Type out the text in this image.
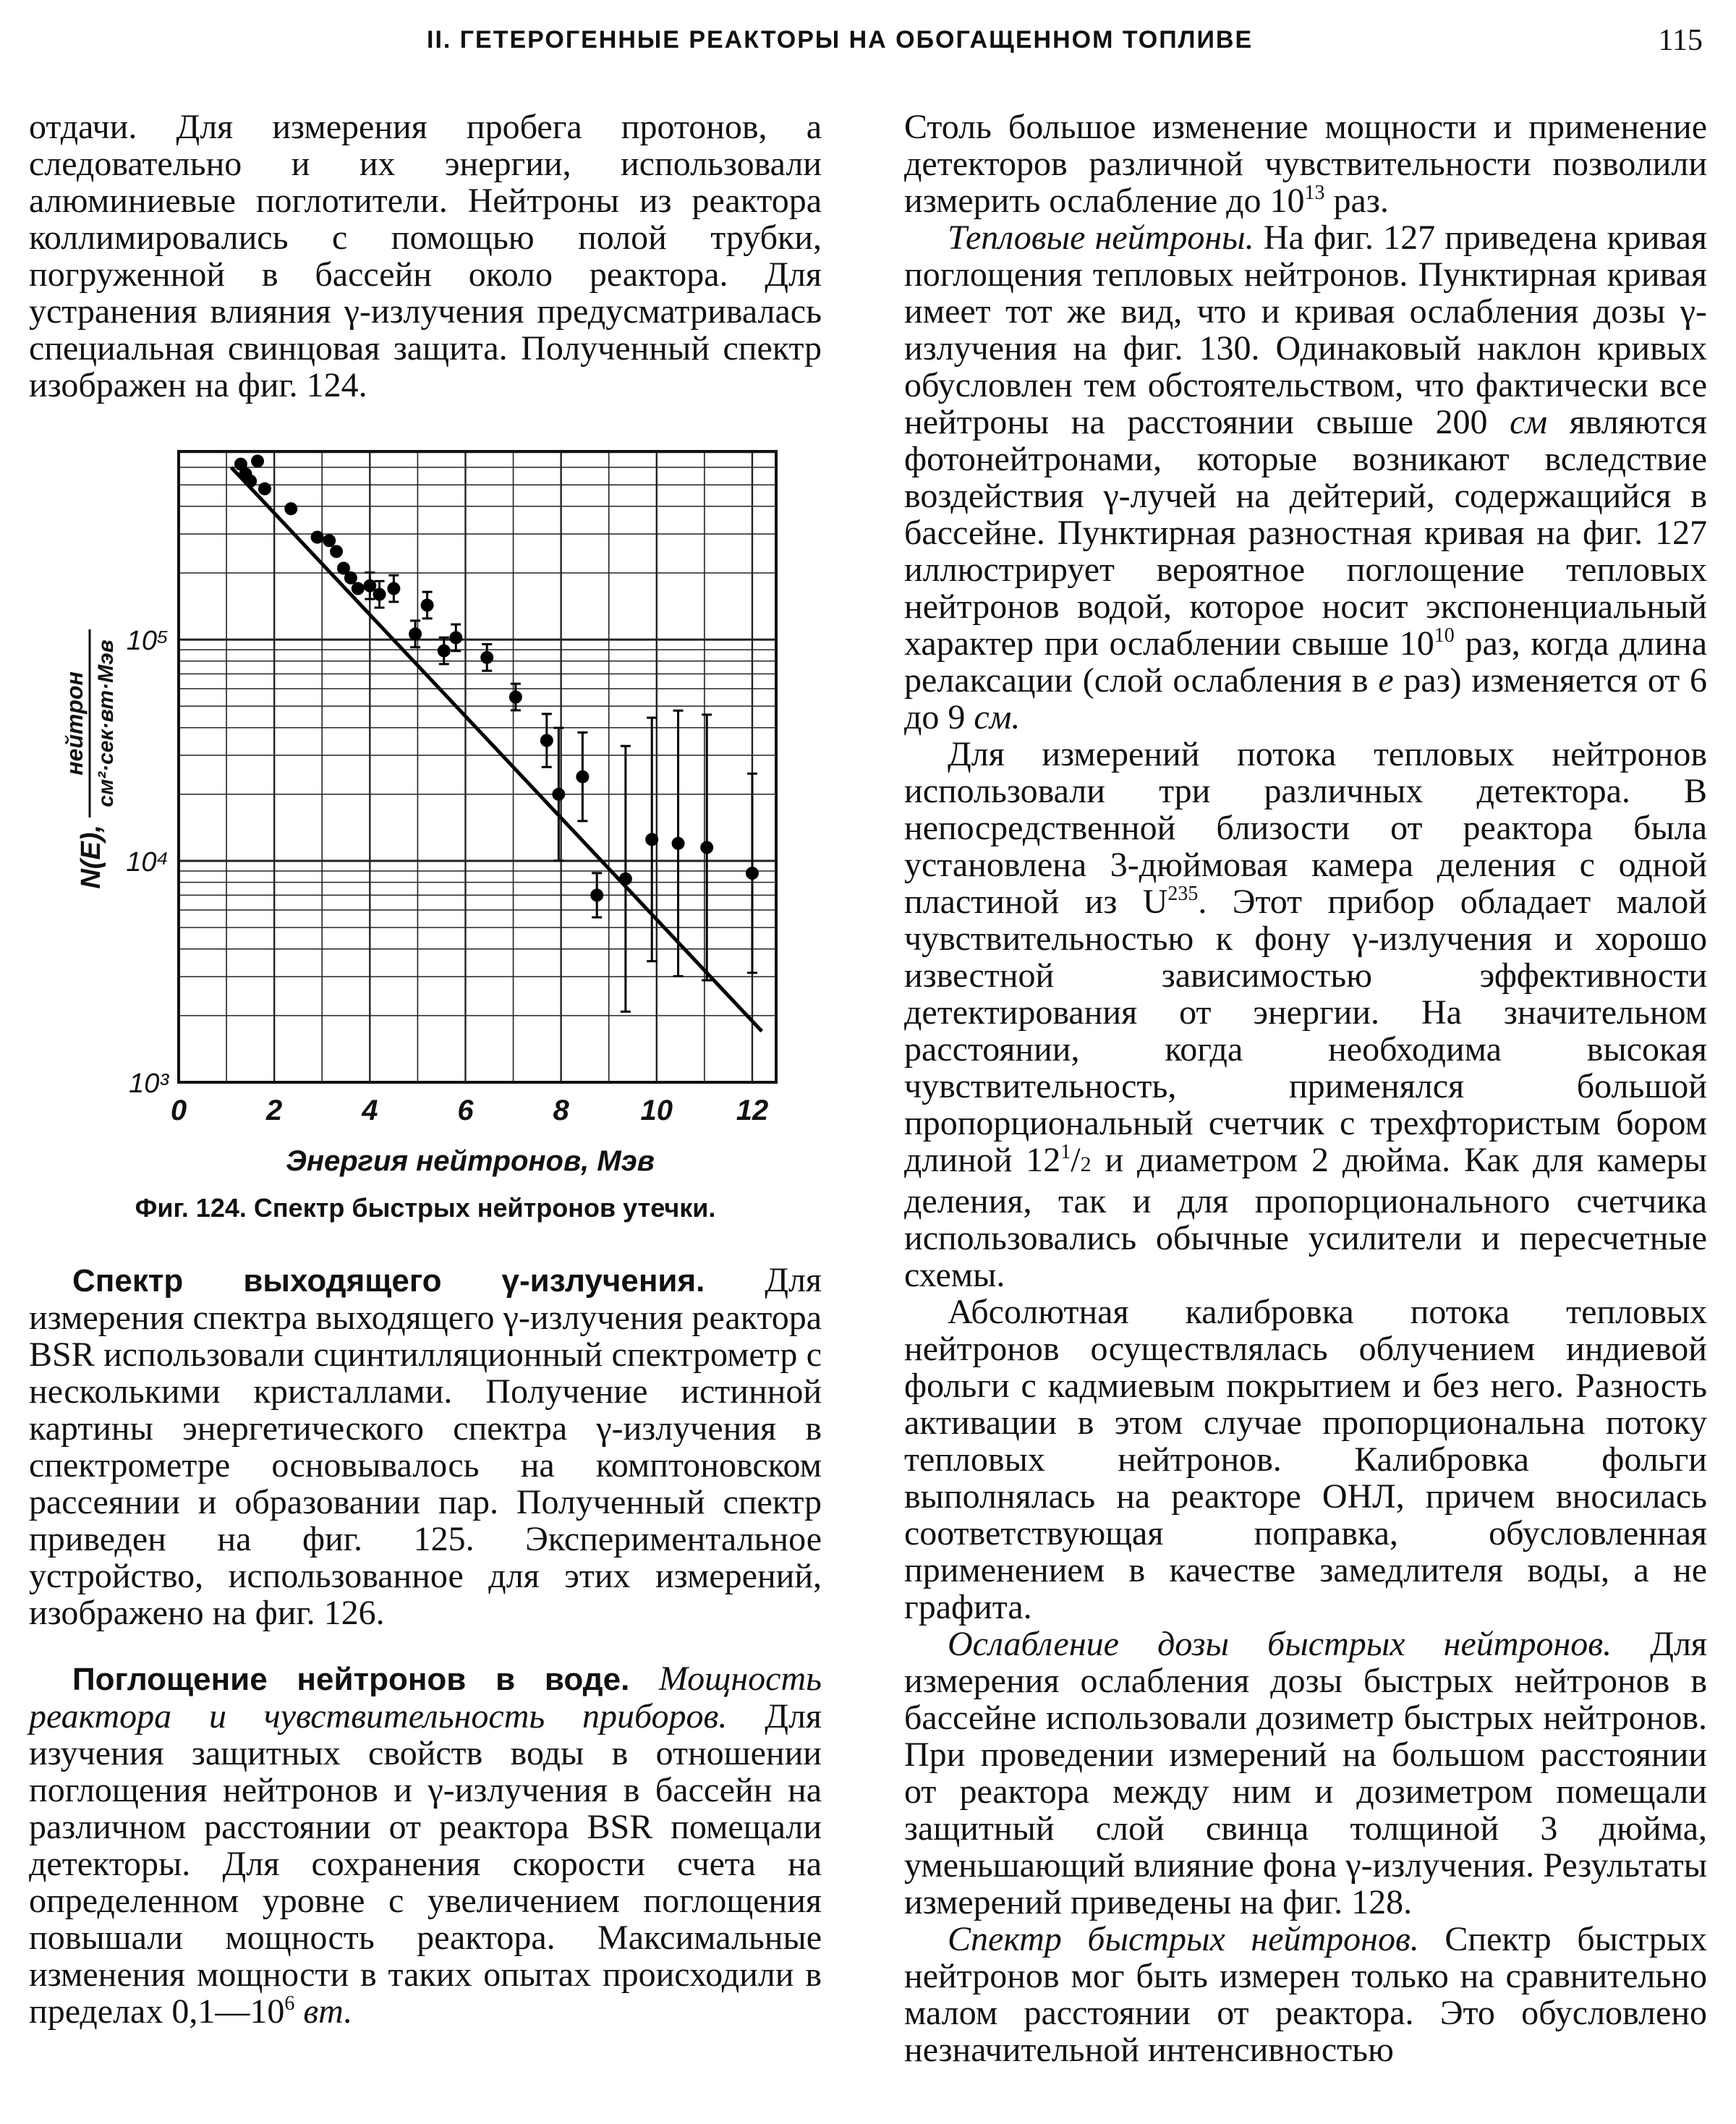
II. ГЕТЕРОГЕННЫЕ РЕАКТОРЫ НА ОБОГАЩЕННОМ ТОПЛИВЕ	115

отдачи. Для измерения пробега протонов, а следовательно и их энергии, использовали алюминиевые поглотители. Нейтроны из реактора коллимировались с помощью полой трубки, погруженной в бассейн около реактора. Для устранения влияния γ-излучения предусматривалась специальная свинцовая защита. Полученный спектр изображен на фиг. 124.

0	2	4	6	8 10 12
10³
10⁴
10⁵
Энергия нейтронов, Мэв
N(E),
нейтрон см²·сек·вт·Мэв
Фиг. 124. Спектр быстрых нейтронов утечки.

Спектр выходящего γ-излучения. Для измерения спектра выходящего γ-излучения реактора BSR использовали сцинтилляционный спектрометр с несколькими кристаллами. Получение истинной картины энергетического спектра γ-излучения в спектрометре основывалось на комптоновском рассеянии и образовании пар. Полученный спектр приведен на фиг. 125. Экспериментальное устройство, использованное для этих измерений, изображено на фиг. 126.

Поглощение нейтронов в воде. Мощность реактора и чувствительность приборов. Для изучения защитных свойств воды в отношении поглощения нейтронов и γ-излучения в бассейн на различном расстоянии от реактора BSR помещали детекторы. Для сохранения скорости счета на определенном уровне с увеличением поглощения повышали мощность реактора. Максимальные изменения мощности в таких опытах происходили в пределах $0,1—10^6$ вт.

Столь большое изменение мощности и применение детекторов различной чувствительности позволили измерить ослабление до $10^{13}$ раз.

Тепловые нейтроны. На фиг. 127 приведена кривая поглощения тепловых нейтронов. Пунктирная кривая имеет тот же вид, что и кривая ослабления дозы γ-излучения на фиг. 130. Одинаковый наклон кривых обусловлен тем обстоятельством, что фактически все нейтроны на расстоянии свыше 200 см являются фотонейтронами, которые возникают вследствие воздействия γ-лучей на дейтерий, содержащийся в бассейне. Пунктирная разностная кривая на фиг. 127 иллюстрирует вероятное поглощение тепловых нейтронов водой, которое носит экспоненциальный характер при ослаблении свыше $10^{10}$ раз, когда длина релаксации (слой ослабления в e раз) изменяется от 6 до 9 см.

Для измерений потока тепловых нейтронов использовали три различных детектора. В непосредственной близости от реактора была установлена 3-дюймовая камера деления с одной пластиной из $U^{235}$. Этот прибор обладает малой чувствительностью к фону γ-излучения и хорошо известной зависимостью эффективности детектирования от энергии. На значительном расстоянии, когда необходима высокая чувствительность, применялся большой пропорциональный счетчик с трехфтористым бором длиной $12^1/2$ и диаметром 2 дюйма. Как для камеры деления, так и для пропорционального счетчика использовались обычные усилители и пересчетные схемы.

Абсолютная калибровка потока тепловых нейтронов осуществлялась облучением индиевой фольги с кадмиевым покрытием и без него. Разность активации в этом случае пропорциональна потоку тепловых нейтронов. Калибровка фольги выполнялась на реакторе ОНЛ, причем вносилась соответствующая поправка, обусловленная применением в качестве замедлителя воды, а не графита.

Ослабление дозы быстрых нейтронов. Для измерения ослабления дозы быстрых нейтронов в бассейне использовали дозиметр быстрых нейтронов. При проведении измерений на большом расстоянии от реактора между ним и дозиметром помещали защитный слой свинца толщиной 3 дюйма, уменьшающий влияние фона γ-излучения. Результаты измерений приведены на фиг. 128.

Спектр быстрых нейтронов. Спектр быстрых нейтронов мог быть измерен только на сравнительно малом расстоянии от реактора. Это обусловлено незначительной интенсивностью
